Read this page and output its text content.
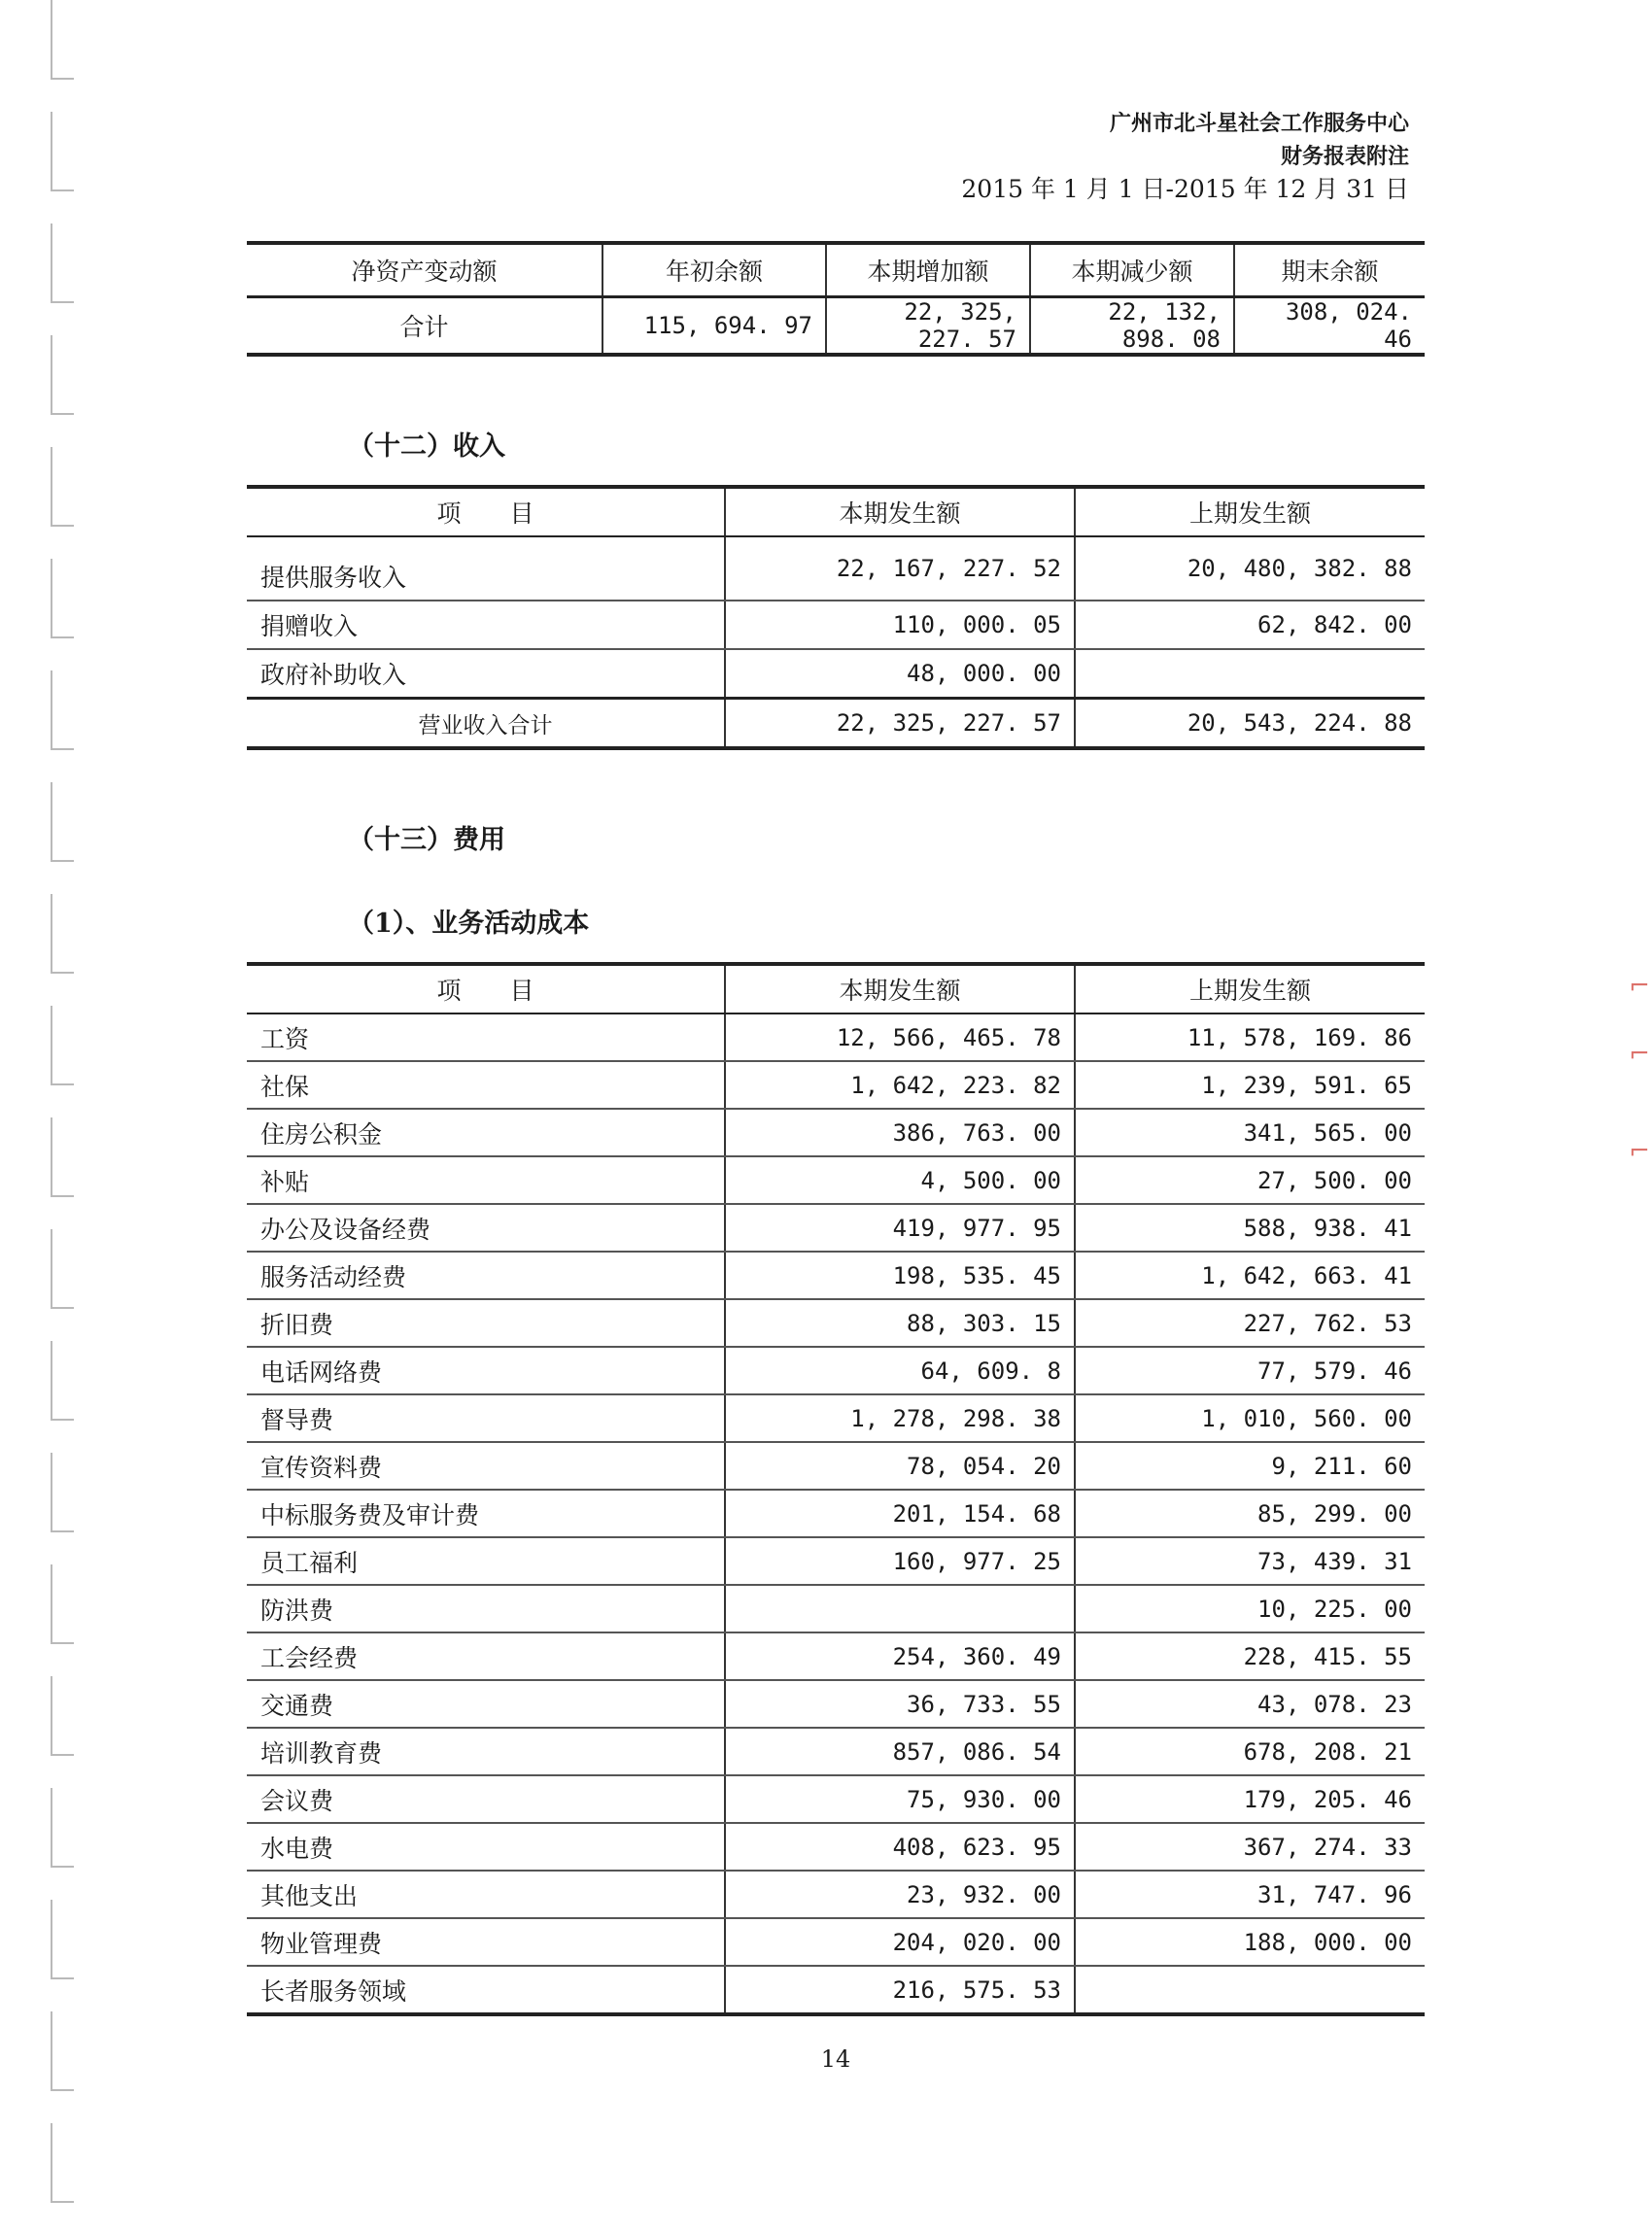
⌐
⌐
⌐
广州市北斗星社会工作服务中心
财务报表附注
2015 年 1 月 1 日-2015 年 12 月 31 日
净资产变动额	年初余额	本期增加额	本期减少额	期末余额
合计	115, 694. 97	22, 325, 227. 57	22, 132, 898. 08	308, 024. 46
（十二）收入
项　　目	本期发生额	上期发生额
提供服务收入	22, 167, 227. 52	20, 480, 382. 88
捐赠收入	110, 000. 05	62, 842. 00
政府补助收入	48, 000. 00	
营业收入合计	22, 325, 227. 57	20, 543, 224. 88
（十三）费用
（1）、业务活动成本
项　　目	本期发生额	上期发生额
工资	12, 566, 465. 78	11, 578, 169. 86
社保	1, 642, 223. 82	1, 239, 591. 65
住房公积金	386, 763. 00	341, 565. 00
补贴	4, 500. 00	27, 500. 00
办公及设备经费	419, 977. 95	588, 938. 41
服务活动经费	198, 535. 45	1, 642, 663. 41
折旧费	88, 303. 15	227, 762. 53
电话网络费	64, 609. 8	77, 579. 46
督导费	1, 278, 298. 38	1, 010, 560. 00
宣传资料费	78, 054. 20	9, 211. 60
中标服务费及审计费	201, 154. 68	85, 299. 00
员工福利	160, 977. 25	73, 439. 31
防洪费		10, 225. 00
工会经费	254, 360. 49	228, 415. 55
交通费	36, 733. 55	43, 078. 23
培训教育费	857, 086. 54	678, 208. 21
会议费	75, 930. 00	179, 205. 46
水电费	408, 623. 95	367, 274. 33
其他支出	23, 932. 00	31, 747. 96
物业管理费	204, 020. 00	188, 000. 00
长者服务领域	216, 575. 53	
14
